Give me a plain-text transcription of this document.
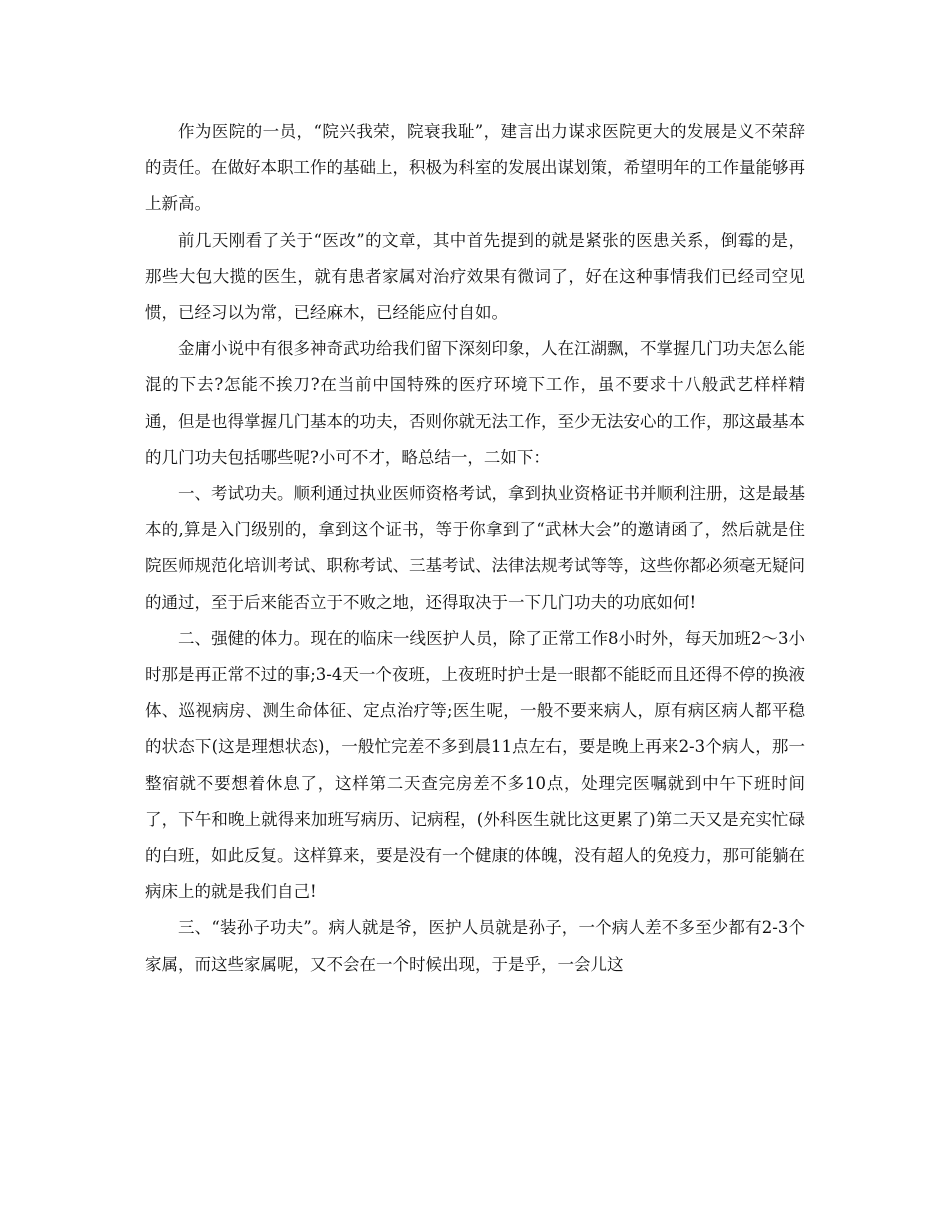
作为医院的一员，“院兴我荣，院衰我耻”，建言出力谋求医院更大的发展是义不荣辞的责任。在做好本职工作的基础上，积极为科室的发展出谋划策，希望明年的工作量能够再上新高。

前几天刚看了关于“医改”的文章，其中首先提到的就是紧张的医患关系，倒霉的是，那些大包大揽的医生，就有患者家属对治疗效果有微词了，好在这种事情我们已经司空见惯，已经习以为常，已经麻木，已经能应付自如。

金庸小说中有很多神奇武功给我们留下深刻印象，人在江湖飘，不掌握几门功夫怎么能混的下去?怎能不挨刀?在当前中国特殊的医疗环境下工作，虽不要求十八般武艺样样精通，但是也得掌握几门基本的功夫，否则你就无法工作，至少无法安心的工作，那这最基本的几门功夫包括哪些呢?小可不才，略总结一，二如下：

一、考试功夫。顺利通过执业医师资格考试，拿到执业资格证书并顺利注册，这是最基本的,算是入门级别的，拿到这个证书，等于你拿到了“武林大会”的邀请函了，然后就是住院医师规范化培训考试、职称考试、三基考试、法律法规考试等等，这些你都必须毫无疑问的通过，至于后来能否立于不败之地，还得取决于一下几门功夫的功底如何!

二、强健的体力。现在的临床一线医护人员，除了正常工作8小时外，每天加班2～3小时那是再正常不过的事;3-4天一个夜班，上夜班时护士是一眼都不能眨而且还得不停的换液体、巡视病房、测生命体征、定点治疗等;医生呢，一般不要来病人，原有病区病人都平稳的状态下(这是理想状态)，一般忙完差不多到晨11点左右，要是晚上再来2-3个病人，那一整宿就不要想着休息了，这样第二天查完房差不多10点，处理完医嘱就到中午下班时间了，下午和晚上就得来加班写病历、记病程，(外科医生就比这更累了)第二天又是充实忙碌的白班，如此反复。这样算来，要是没有一个健康的体魄，没有超人的免疫力，那可能躺在病床上的就是我们自己!

三、“装孙子功夫”。病人就是爷，医护人员就是孙子，一个病人差不多至少都有2-3个家属，而这些家属呢，又不会在一个时候出现，于是乎，一会儿这
